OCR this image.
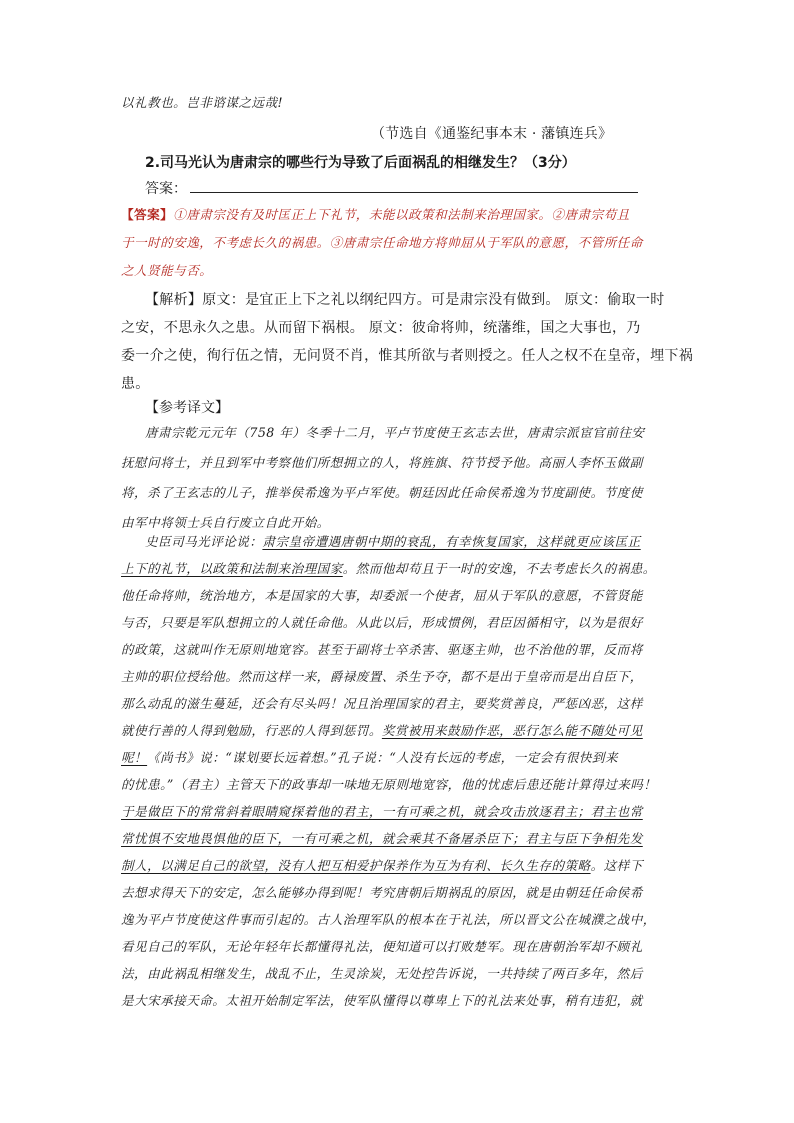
以礼教也。岂非谘谋之远哉!
（节选自《通鉴纪事本末 · 藩镇连兵》
2.司马光认为唐肃宗的哪些行为导致了后面祸乱的相继发生？（3分）
答案：
【答案】①唐肃宗没有及时匡正上下礼节，未能以政策和法制来治理国家。②唐肃宗苟且
于一时的安逸，不考虑长久的祸患。③唐肃宗任命地方将帅屈从于军队的意愿，不管所任命
之人贤能与否。
【解析】原文：是宜正上下之礼以纲纪四方。可是肃宗没有做到。 原文：偷取一时
之安，不思永久之患。从而留下祸根。 原文：彼命将帅，统藩维，国之大事也，乃
委一介之使，徇行伍之情，无问贤不肖，惟其所欲与者则授之。任人之权不在皇帝，埋下祸
患。
【参考译文】
唐肃宗乾元元年（758 年）冬季十二月，平卢节度使王玄志去世，唐肃宗派宦官前往安
抚慰问将士，并且到军中考察他们所想拥立的人，将旌旗、符节授予他。高丽人李怀玉做副
将，杀了王玄志的儿子，推举侯希逸为平卢军使。朝廷因此任命侯希逸为节度副使。节度使
由军中将领士兵自行废立自此开始。
史臣司马光评论说：肃宗皇帝遭遇唐朝中期的衰乱，有幸恢复国家，这样就更应该匡正
上下的礼节，以政策和法制来治理国家。然而他却苟且于一时的安逸，不去考虑长久的祸患。
他任命将帅，统治地方，本是国家的大事，却委派一个使者，屈从于军队的意愿，不管贤能
与否，只要是军队想拥立的人就任命他。从此以后，形成惯例，君臣因循相守，以为是很好
的政策，这就叫作无原则地宽容。甚至于副将士卒杀害、驱逐主帅，也不治他的罪，反而将
主帅的职位授给他。然而这样一来，爵禄废置、杀生予夺，都不是出于皇帝而是出自臣下，
那么动乱的滋生蔓延，还会有尽头吗！况且治理国家的君主，要奖赏善良，严惩凶恶，这样
就使行善的人得到勉励，行恶的人得到惩罚。奖赏被用来鼓励作恶，恶行怎么能不随处可见
呢！《尚书》说：“谋划要长远着想。”孔子说：“人没有长远的考虑，一定会有很快到来
的忧患。”（君主）主管天下的政事却一味地无原则地宽容，他的忧虑后患还能计算得过来吗！
于是做臣下的常常斜着眼睛窥探着他的君主，一有可乘之机，就会攻击放逐君主；君主也常
常忧惧不安地畏惧他的臣下，一有可乘之机，就会乘其不备屠杀臣下；君主与臣下争相先发
制人，以满足自己的欲望，没有人把互相爱护保养作为互为有利、长久生存的策略。这样下
去想求得天下的安定，怎么能够办得到呢！考究唐朝后期祸乱的原因，就是由朝廷任命侯希
逸为平卢节度使这件事而引起的。古人治理军队的根本在于礼法，所以晋文公在城濮之战中，
看见自己的军队，无论年轻年长都懂得礼法，便知道可以打败楚军。现在唐朝治军却不顾礼
法，由此祸乱相继发生，战乱不止，生灵涂炭，无处控告诉说，一共持续了两百多年，然后
是大宋承接天命。太祖开始制定军法，使军队懂得以尊卑上下的礼法来处事，稍有违犯，就
